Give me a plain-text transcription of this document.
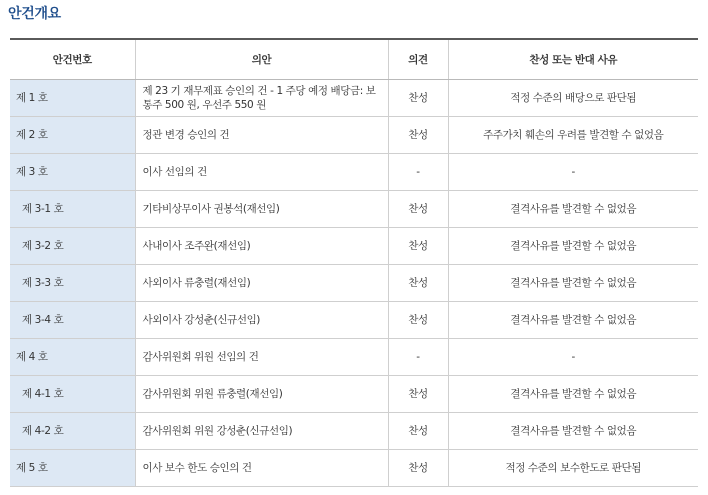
안건개요
안건번호	의안	의견	찬성 또는 반대 사유
제 1 호	제 23 기 재무제표 승인의 건 - 1 주당 예정 배당금: 보통주 500 원, 우선주 550 원	찬성	적정 수준의 배당으로 판단됨
제 2 호	정관 변경 승인의 건	찬성	주주가치 훼손의 우려를 발견할 수 없었음
제 3 호	이사 선임의 건	-	-
제 3-1 호	기타비상무이사 권봉석(재선임)	찬성	결격사유를 발견할 수 없었음
제 3-2 호	사내이사 조주완(재선임)	찬성	결격사유를 발견할 수 없었음
제 3-3 호	사외이사 류충렬(재선임)	찬성	결격사유를 발견할 수 없었음
제 3-4 호	사외이사 강성춘(신규선임)	찬성	결격사유를 발견할 수 없었음
제 4 호	감사위원회 위원 선임의 건	-	-
제 4-1 호	감사위원회 위원 류충렬(재선임)	찬성	결격사유를 발견할 수 없었음
제 4-2 호	감사위원회 위원 강성춘(신규선임)	찬성	결격사유를 발견할 수 없었음
제 5 호	이사 보수 한도 승인의 건	찬성	적정 수준의 보수한도로 판단됨
